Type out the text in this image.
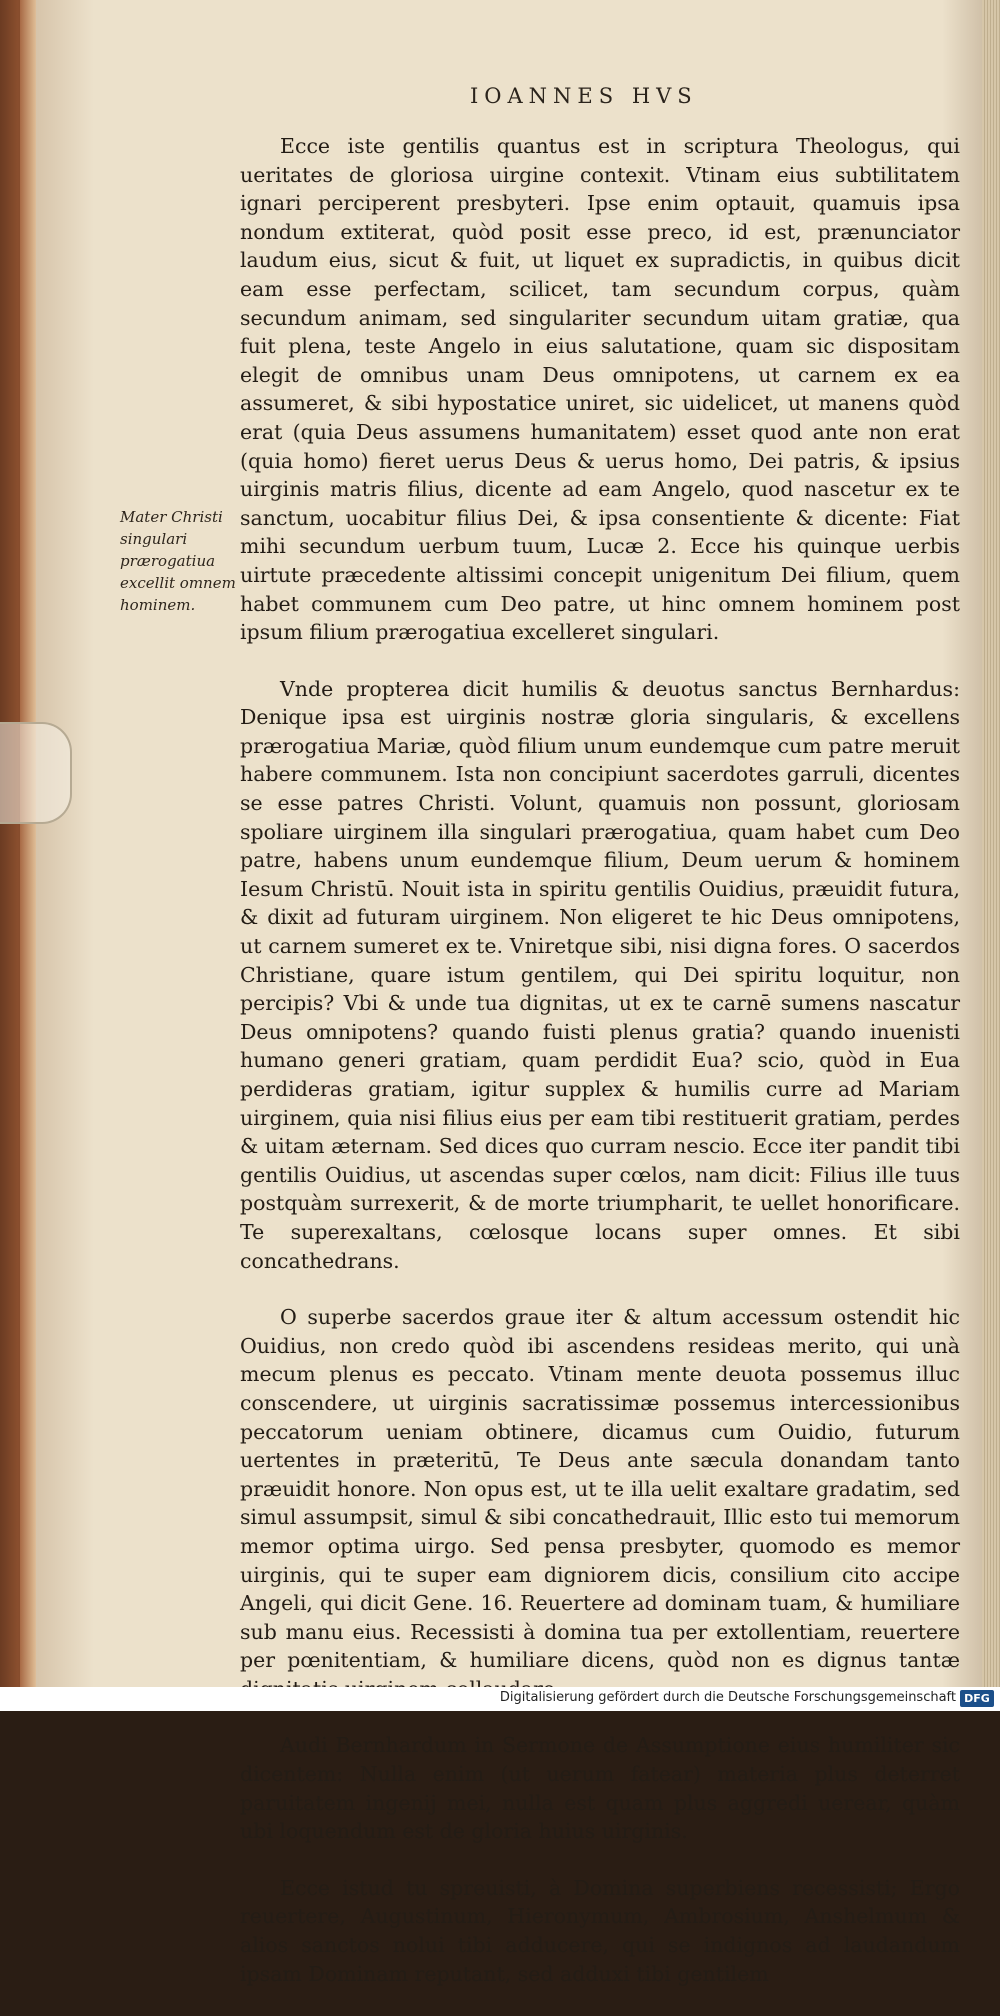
IOANNES HVS
Mater Christi singulari prærogatiua excellit omnem hominem.

Ecce iste gentilis quantus est in scriptura Theologus, qui ueritates de gloriosa uirgine contexit. Vtinam eius subtilitatem ignari perciperent presbyteri. Ipse enim optauit, quamuis ipsa nondum extiterat, quòd posit esse preco, id est, prænunciator laudum eius, sicut & fuit, ut liquet ex supradictis, in quibus dicit eam esse perfectam, scilicet, tam secundum corpus, quàm secundum animam, sed singulariter secundum uitam gratiæ, qua fuit plena, teste Angelo in eius salutatione, quam sic dispositam elegit de omnibus unam Deus omnipotens, ut carnem ex ea assumeret, & sibi hypostatice uniret, sic uidelicet, ut manens quòd erat (quia Deus assumens humanitatem) esset quod ante non erat (quia homo) fieret uerus Deus & uerus homo, Dei patris, & ipsius uirginis matris filius, dicente ad eam Angelo, quod nascetur ex te sanctum, uocabitur filius Dei, & ipsa consentiente & dicente: Fiat mihi secundum uerbum tuum, Lucæ 2. Ecce his quinque uerbis uirtute præcedente altissimi concepit unigenitum Dei filium, quem habet communem cum Deo patre, ut hinc omnem hominem post ipsum filium prærogatiua excelleret singulari.

Vnde propterea dicit humilis & deuotus sanctus Bernhardus: Denique ipsa est uirginis nostræ gloria singularis, & excellens prærogatiua Mariæ, quòd filium unum eundemque cum patre meruit habere communem. Ista non concipiunt sacerdotes garruli, dicentes se esse patres Christi. Volunt, quamuis non possunt, gloriosam spoliare uirginem illa singulari prærogatiua, quam habet cum Deo patre, habens unum eundemque filium, Deum uerum & hominem Iesum Christū. Nouit ista in spiritu gentilis Ouidius, præuidit futura, & dixit ad futuram uirginem. Non eligeret te hic Deus omnipotens, ut carnem sumeret ex te. Vniretque sibi, nisi digna fores. O sacerdos Christiane, quare istum gentilem, qui Dei spiritu loquitur, non percipis? Vbi & unde tua dignitas, ut ex te carnē sumens nascatur Deus omnipotens? quando fuisti plenus gratia? quando inuenisti humano generi gratiam, quam perdidit Eua? scio, quòd in Eua perdideras gratiam, igitur supplex & humilis curre ad Mariam uirginem, quia nisi filius eius per eam tibi restituerit gratiam, perdes & uitam æternam. Sed dices quo curram nescio. Ecce iter pandit tibi gentilis Ouidius, ut ascendas super cœlos, nam dicit: Filius ille tuus postquàm surrexerit, & de morte triumpharit, te uellet honorificare. Te superexaltans, cœlosque locans super omnes. Et sibi concathedrans.

O superbe sacerdos graue iter & altum accessum ostendit hic Ouidius, non credo quòd ibi ascendens resideas merito, qui unà mecum plenus es peccato. Vtinam mente deuota possemus illuc conscendere, ut uirginis sacratissimæ possemus intercessionibus peccatorum ueniam obtinere, dicamus cum Ouidio, futurum uertentes in præteritū, Te Deus ante sæcula donandam tanto præuidit honore. Non opus est, ut te illa uelit exaltare gradatim, sed simul assumpsit, simul & sibi concathedrauit, Illic esto tui memorum memor optima uirgo. Sed pensa presbyter, quomodo es memor uirginis, qui te super eam digniorem dicis, consilium cito accipe Angeli, qui dicit Gene. 16. Reuertere ad dominam tuam, & humiliare sub manu eius. Recessisti à domina tua per extollentiam, reuertere per pœnitentiam, & humiliare dicens, quòd non es dignus tantæ

Audi Bernhardum in Sermone de Assumptione eius humiliter sic dicentem: Nulla enim (ut uerum fatear) materia plus deterret paruitatem ingenij mei, nulla est quam plus aggredi uerear, quàm ubi loquendum est de gloria huius uirginis.

Ecce istud tu spreuisti, à Domina superbiens recessisti; Ergo reuertere, Augustinum, Hieronymum, Ambrosium, Anshelmum & alios sanctos nolui tibi adducere, qui se indignos ad laudandum ipsam Dominam reputant, sed adduxi tibi gentilem

Digitalisierung gefördert durch die Deutsche Forschungsgemeinschaft DFG
